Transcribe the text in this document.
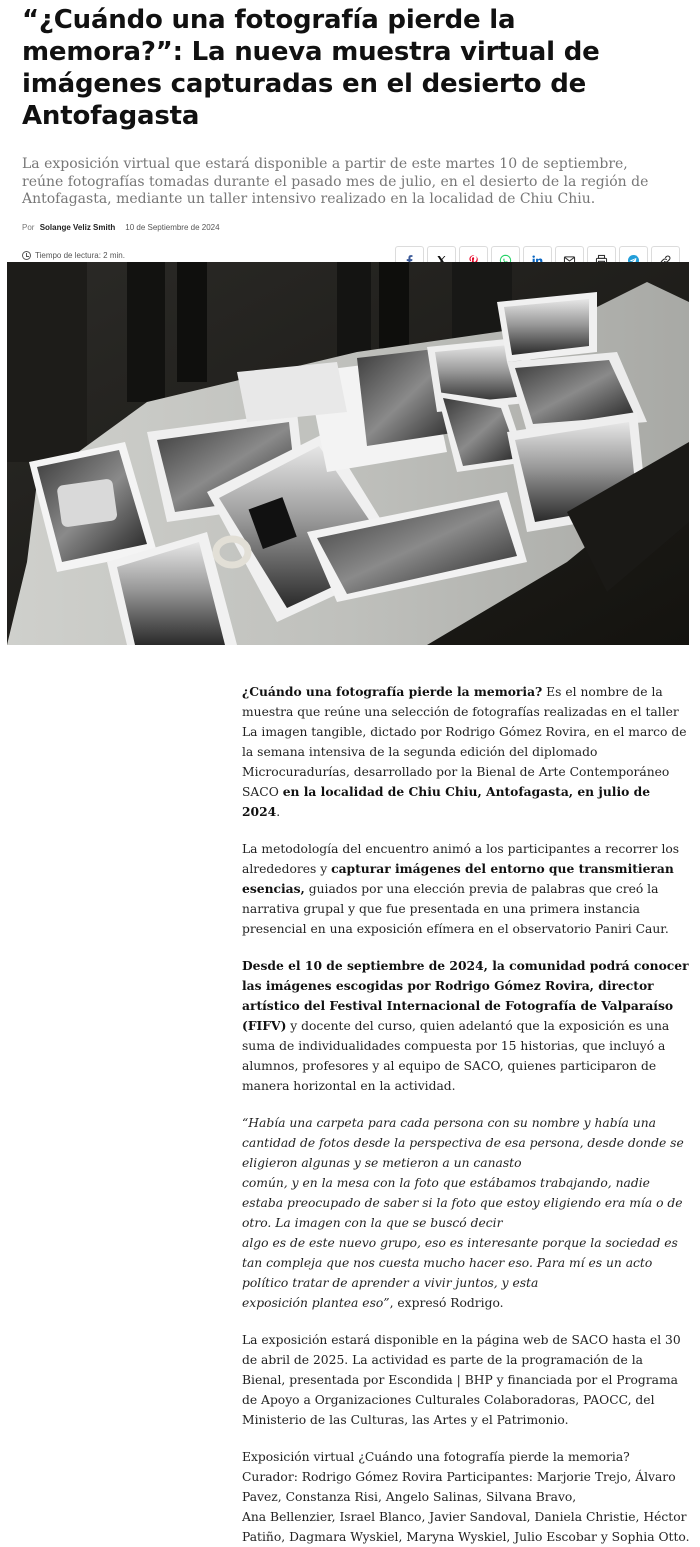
“¿Cuándo una fotografía pierde la memora?”: La nueva muestra virtual de imágenes capturadas en el desierto de Antofagasta

La exposición virtual que estará disponible a partir de este martes 10 de septiembre, reúne fotografías tomadas durante el pasado mes de julio, en el desierto de la región de Antofagasta, mediante un taller intensivo realizado en la localidad de Chiu Chiu.

Por Solange Veliz Smith 10 de Septiembre de 2024
Tiempo de lectura: 2 min.

¿Cuándo una fotografía pierde la memoria? Es el nombre de la muestra que reúne una selección de fotografías realizadas en el taller La imagen tangible, dictado por Rodrigo Gómez Rovira, en el marco de la semana intensiva de la segunda edición del diplomado Microcuradurías, desarrollado por la Bienal de Arte Contemporáneo SACO en la localidad de Chiu Chiu, Antofagasta, en julio de 2024.

La metodología del encuentro animó a los participantes a recorrer los alrededores y capturar imágenes del entorno que transmitieran esencias, guiados por una elección previa de palabras que creó la narrativa grupal y que fue presentada en una primera instancia presencial en una exposición efímera en el observatorio Paniri Caur.

Desde el 10 de septiembre de 2024, la comunidad podrá conocer las imágenes escogidas por Rodrigo Gómez Rovira, director artístico del Festival Internacional de Fotografía de Valparaíso (FIFV) y docente del curso, quien adelantó que la exposición es una suma de individualidades compuesta por 15 historias, que incluyó a alumnos, profesores y al equipo de SACO, quienes participaron de manera horizontal en la actividad.

“Había una carpeta para cada persona con su nombre y había una cantidad de fotos desde la perspectiva de esa persona, desde donde se eligieron algunas y se metieron a un canasto
común, y en la mesa con la foto que estábamos trabajando, nadie estaba preocupado de saber si la foto que estoy eligiendo era mía o de otro. La imagen con la que se buscó decir
algo es de este nuevo grupo, eso es interesante porque la sociedad es tan compleja que nos cuesta mucho hacer eso. Para mí es un acto político tratar de aprender a vivir juntos, y esta
exposición plantea eso”, expresó Rodrigo.

La exposición estará disponible en la página web de SACO hasta el 30 de abril de 2025. La actividad es parte de la programación de la Bienal, presentada por Escondida | BHP y financiada por el Programa de Apoyo a Organizaciones Culturales Colaboradoras, PAOCC, del Ministerio de las Culturas, las Artes y el Patrimonio.

Exposición virtual ¿Cuándo una fotografía pierde la memoria?
Curador: Rodrigo Gómez Rovira Participantes: Marjorie Trejo, Álvaro Pavez, Constanza Risi, Angelo Salinas, Silvana Bravo,
Ana Bellenzier, Israel Blanco, Javier Sandoval, Daniela Christie, Héctor Patiño, Dagmara Wyskiel, Maryna Wyskiel, Julio Escobar y Sophia Otto.
